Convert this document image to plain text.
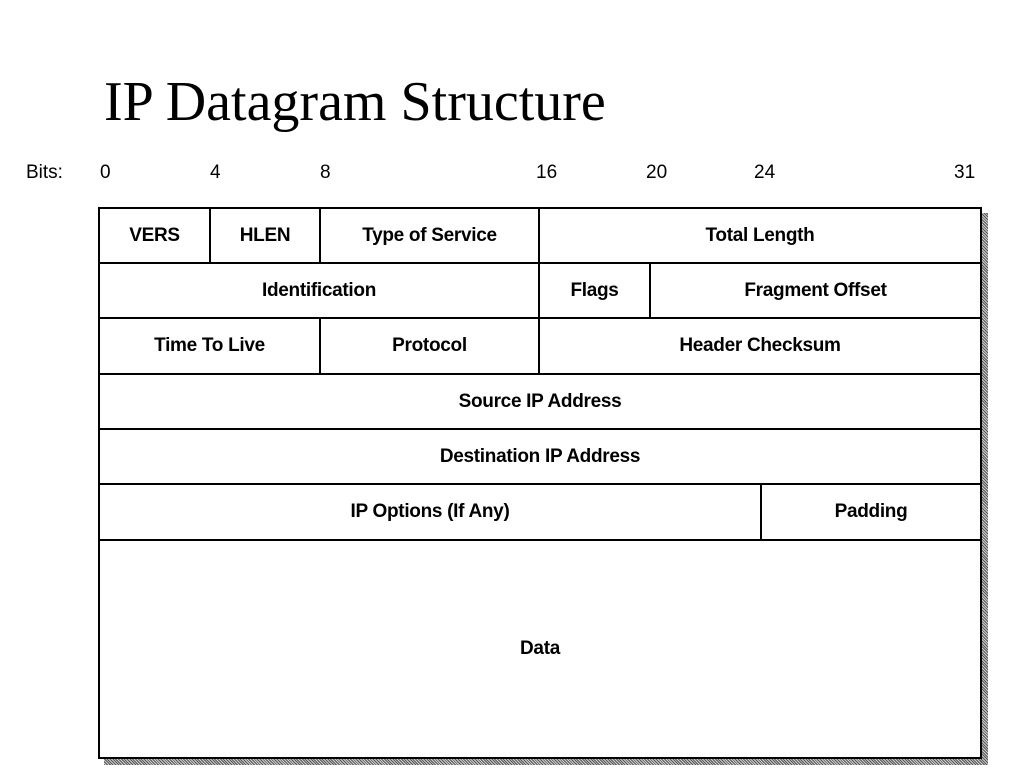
IP Datagram Structure
Bits: 0	4	8	16	20	24	31
VERS	HLEN	Type of Service	Total Length
Identification	Flags	Fragment Offset
Time To Live	Protocol	Header Checksum
Source IP Address
Destination IP Address
IP Options (If Any)	Padding
Data
